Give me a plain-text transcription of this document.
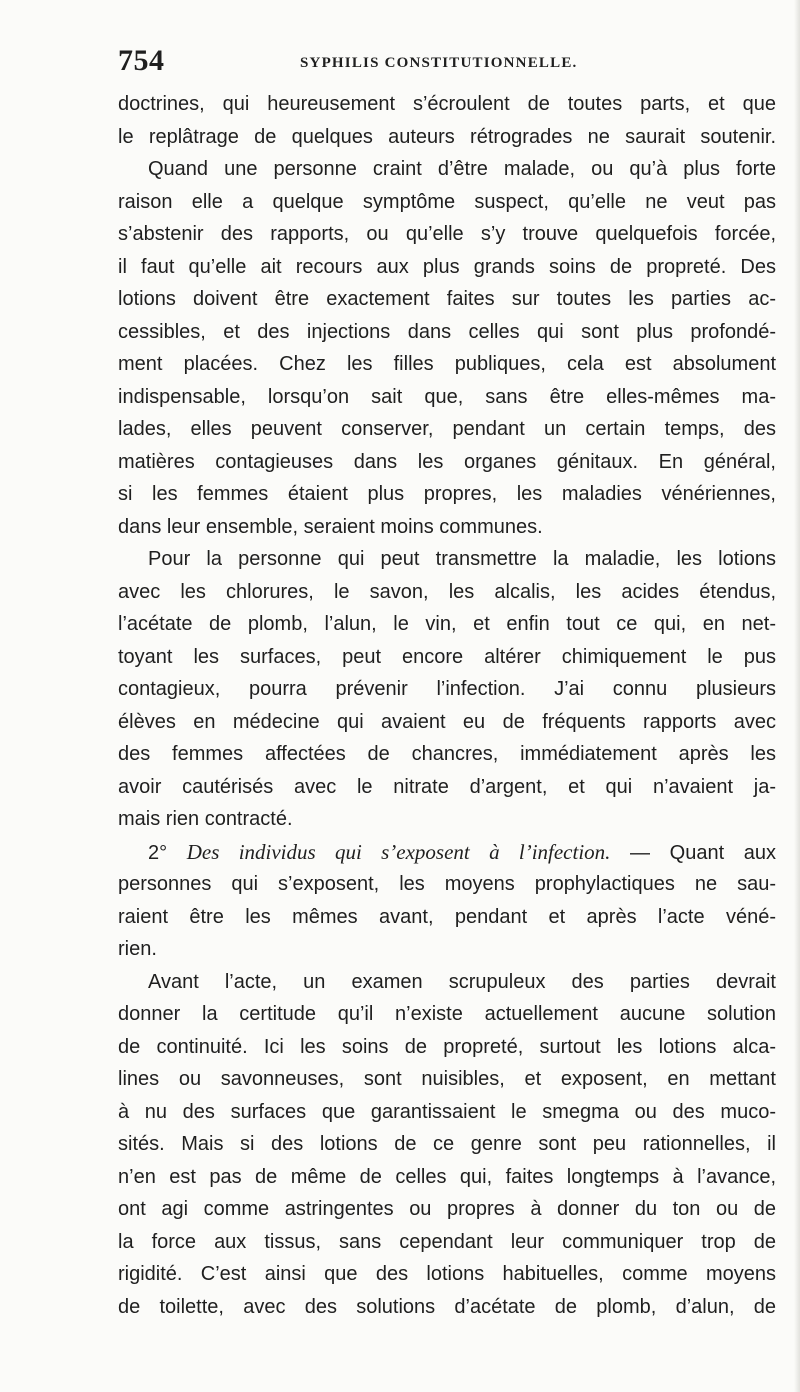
754	SYPHILIS CONSTITUTIONNELLE.

doctrines, qui heureusement s’écroulent de toutes parts, et que

le replâtrage de quelques auteurs rétrogrades ne saurait soutenir.

Quand une personne craint d’être malade, ou qu’à plus forte

raison elle a quelque symptôme suspect, qu’elle ne veut pas

s’abstenir des rapports, ou qu’elle s’y trouve quelquefois forcée,

il faut qu’elle ait recours aux plus grands soins de propreté. Des

lotions doivent être exactement faites sur toutes les parties ac-

cessibles, et des injections dans celles qui sont plus profondé-

ment placées. Chez les filles publiques, cela est absolument

indispensable, lorsqu’on sait que, sans être elles-mêmes ma-

lades, elles peuvent conserver, pendant un certain temps, des

matières contagieuses dans les organes génitaux. En général,

si les femmes étaient plus propres, les maladies vénériennes,

dans leur ensemble, seraient moins communes.

Pour la personne qui peut transmettre la maladie, les lotions

avec les chlorures, le savon, les alcalis, les acides étendus,

l’acétate de plomb, l’alun, le vin, et enfin tout ce qui, en net-

toyant les surfaces, peut encore altérer chimiquement le pus

contagieux, pourra prévenir l’infection. J’ai connu plusieurs

élèves en médecine qui avaient eu de fréquents rapports avec

des femmes affectées de chancres, immédiatement après les

avoir cautérisés avec le nitrate d’argent, et qui n’avaient ja-

mais rien contracté.

2° Des individus qui s’exposent à l’infection. — Quant aux

personnes qui s’exposent, les moyens prophylactiques ne sau-

raient être les mêmes avant, pendant et après l’acte véné-

rien.

Avant l’acte, un examen scrupuleux des parties devrait

donner la certitude qu’il n’existe actuellement aucune solution

de continuité. Ici les soins de propreté, surtout les lotions alca-

lines ou savonneuses, sont nuisibles, et exposent, en mettant

à nu des surfaces que garantissaient le smegma ou des muco-

sités. Mais si des lotions de ce genre sont peu rationnelles, il

n’en est pas de même de celles qui, faites longtemps à l’avance,

ont agi comme astringentes ou propres à donner du ton ou de

la force aux tissus, sans cependant leur communiquer trop de

rigidité. C’est ainsi que des lotions habituelles, comme moyens

de toilette, avec des solutions d’acétate de plomb, d’alun, de
